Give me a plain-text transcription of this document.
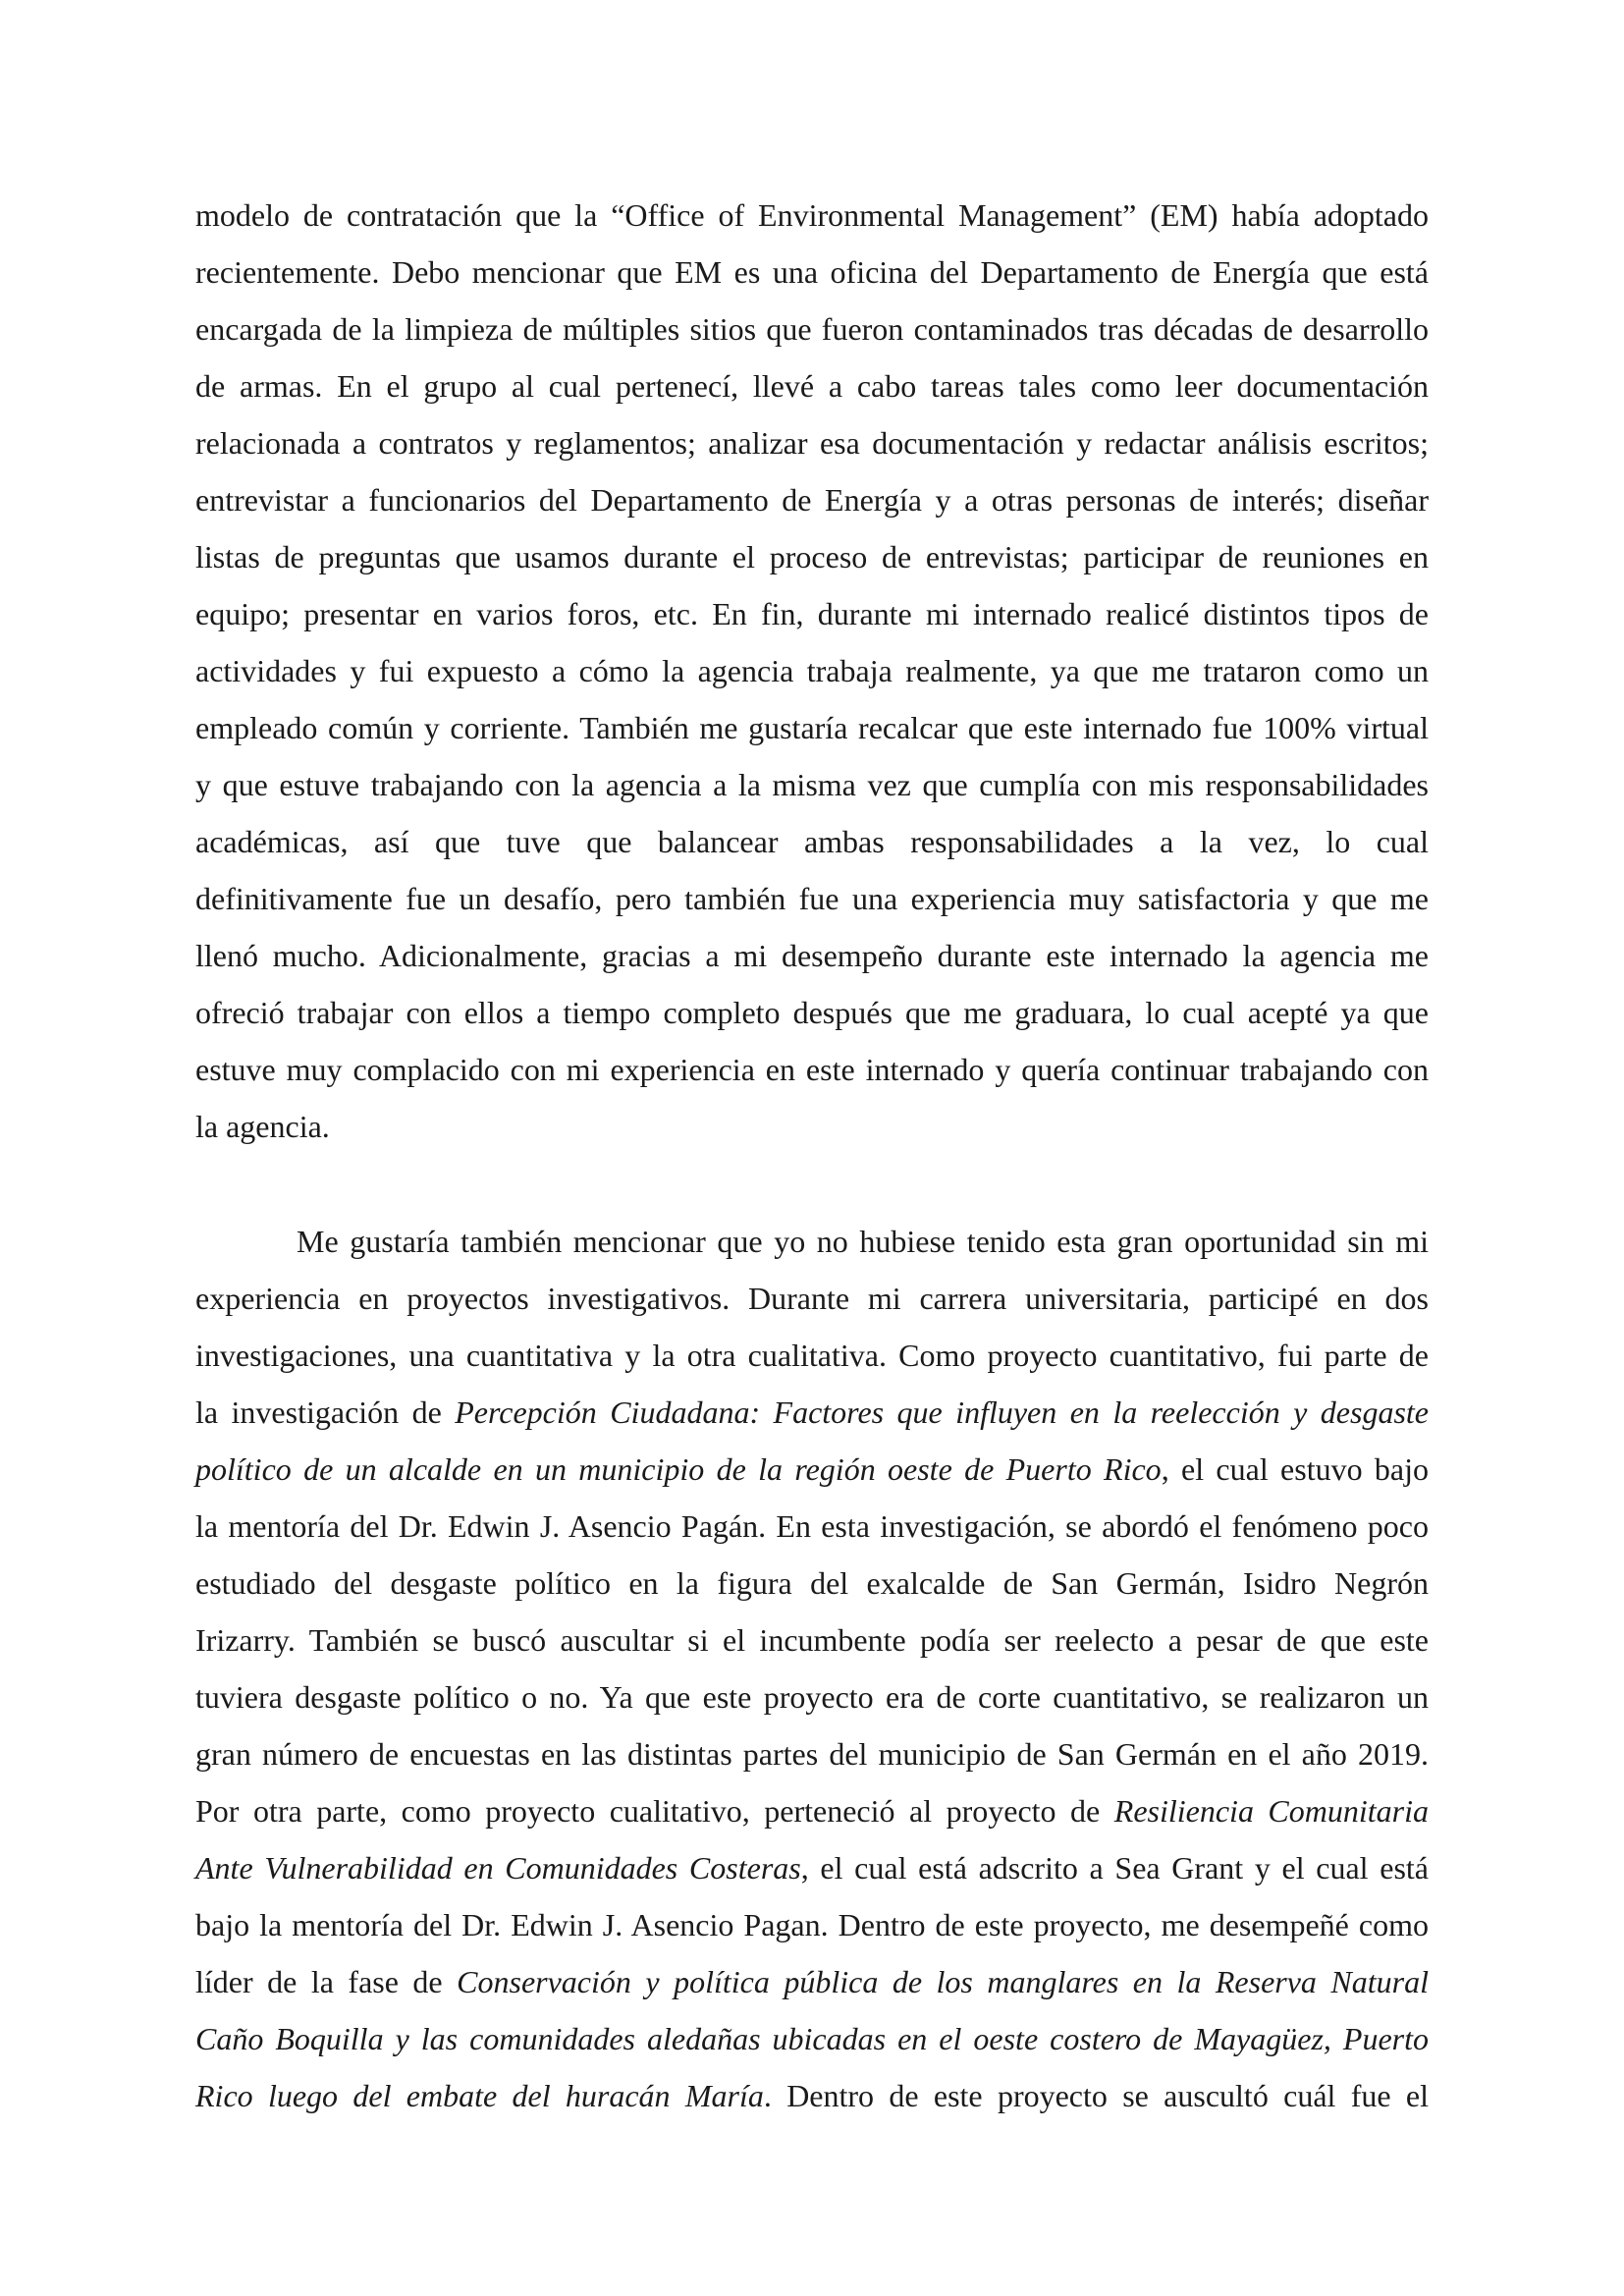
modelo de contratación que la “Office of Environmental Management” (EM) había adoptado
recientemente. Debo mencionar que EM es una oficina del Departamento de Energía que está
encargada de la limpieza de múltiples sitios que fueron contaminados tras décadas de desarrollo
de armas. En el grupo al cual pertenecí, llevé a cabo tareas tales como leer documentación
relacionada a contratos y reglamentos; analizar esa documentación y redactar análisis escritos;
entrevistar a funcionarios del Departamento de Energía y a otras personas de interés; diseñar
listas de preguntas que usamos durante el proceso de entrevistas; participar de reuniones en
equipo; presentar en varios foros, etc. En fin, durante mi internado realicé distintos tipos de
actividades y fui expuesto a cómo la agencia trabaja realmente, ya que me trataron como un
empleado común y corriente. También me gustaría recalcar que este internado fue 100% virtual
y que estuve trabajando con la agencia a la misma vez que cumplía con mis responsabilidades
académicas, así que tuve que balancear ambas responsabilidades a la vez, lo cual
definitivamente fue un desafío, pero también fue una experiencia muy satisfactoria y que me
llenó mucho. Adicionalmente, gracias a mi desempeño durante este internado la agencia me
ofreció trabajar con ellos a tiempo completo después que me graduara, lo cual acepté ya que
estuve muy complacido con mi experiencia en este internado y quería continuar trabajando con
la agencia.
Me gustaría también mencionar que yo no hubiese tenido esta gran oportunidad sin mi
experiencia en proyectos investigativos. Durante mi carrera universitaria, participé en dos
investigaciones, una cuantitativa y la otra cualitativa. Como proyecto cuantitativo, fui parte de
la investigación de Percepción Ciudadana: Factores que influyen en la reelección y desgaste
político de un alcalde en un municipio de la región oeste de Puerto Rico, el cual estuvo bajo
la mentoría del Dr. Edwin J. Asencio Pagán. En esta investigación, se abordó el fenómeno poco
estudiado del desgaste político en la figura del exalcalde de San Germán, Isidro Negrón
Irizarry. También se buscó auscultar si el incumbente podía ser reelecto a pesar de que este
tuviera desgaste político o no. Ya que este proyecto era de corte cuantitativo, se realizaron un
gran número de encuestas en las distintas partes del municipio de San Germán en el año 2019.
Por otra parte, como proyecto cualitativo, perteneció al proyecto de Resiliencia Comunitaria
Ante Vulnerabilidad en Comunidades Costeras, el cual está adscrito a Sea Grant y el cual está
bajo la mentoría del Dr. Edwin J. Asencio Pagan. Dentro de este proyecto, me desempeñé como
líder de la fase de Conservación y política pública de los manglares en la Reserva Natural
Caño Boquilla y las comunidades aledañas ubicadas en el oeste costero de Mayagüez, Puerto
Rico luego del embate del huracán María. Dentro de este proyecto se auscultó cuál fue el
